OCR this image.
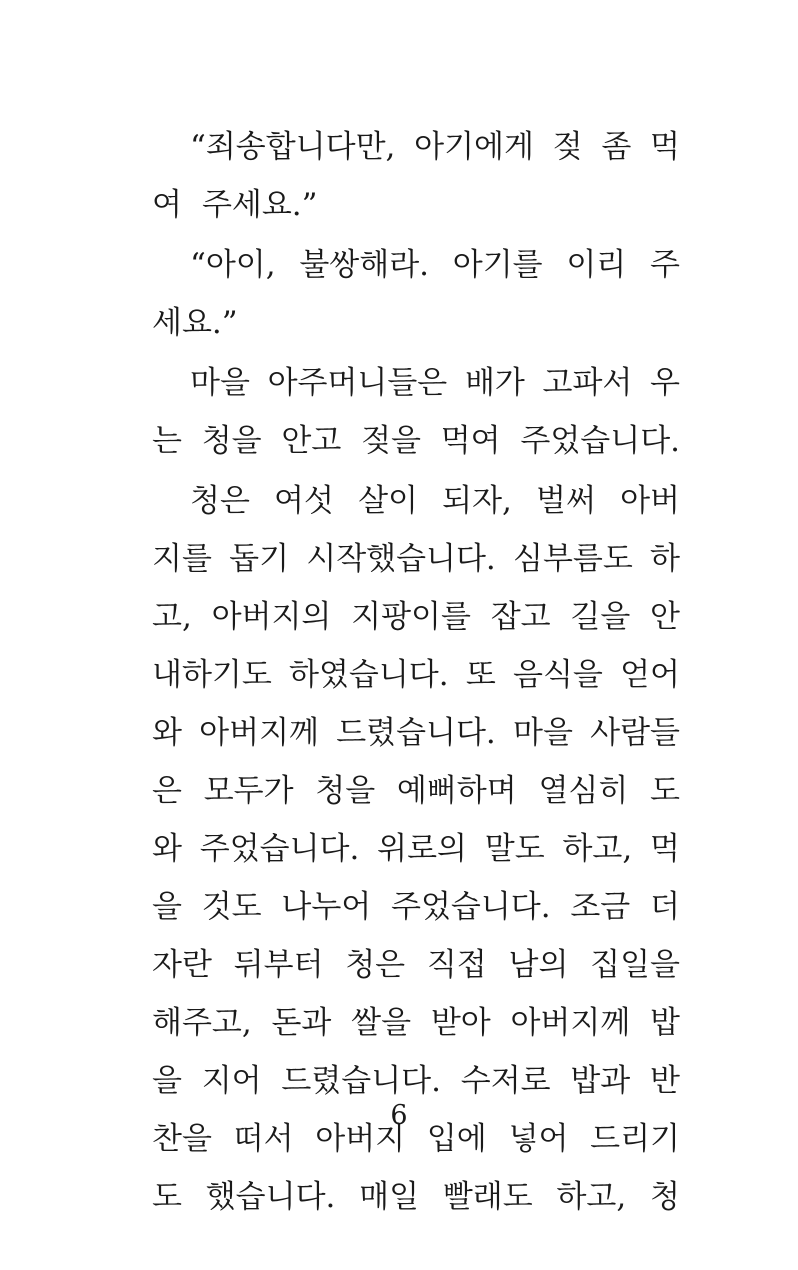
“죄송합니다만, 아기에게 젖 좀 먹
여 주세요.”
“아이, 불쌍해라. 아기를 이리 주
세요.”
마을 아주머니들은 배가 고파서 우
는 청을 안고 젖을 먹여 주었습니다.
청은 여섯 살이 되자, 벌써 아버
지를 돕기 시작했습니다. 심부름도 하
고, 아버지의 지팡이를 잡고 길을 안
내하기도 하였습니다. 또 음식을 얻어
와 아버지께 드렸습니다. 마을 사람들
은 모두가 청을 예뻐하며 열심히 도
와 주었습니다. 위로의 말도 하고, 먹
을 것도 나누어 주었습니다. 조금 더
자란 뒤부터 청은 직접 남의 집일을
해주고, 돈과 쌀을 받아 아버지께 밥
을 지어 드렸습니다. 수저로 밥과 반
찬을 떠서 아버지 입에 넣어 드리기
도 했습니다. 매일 빨래도 하고, 청
6
